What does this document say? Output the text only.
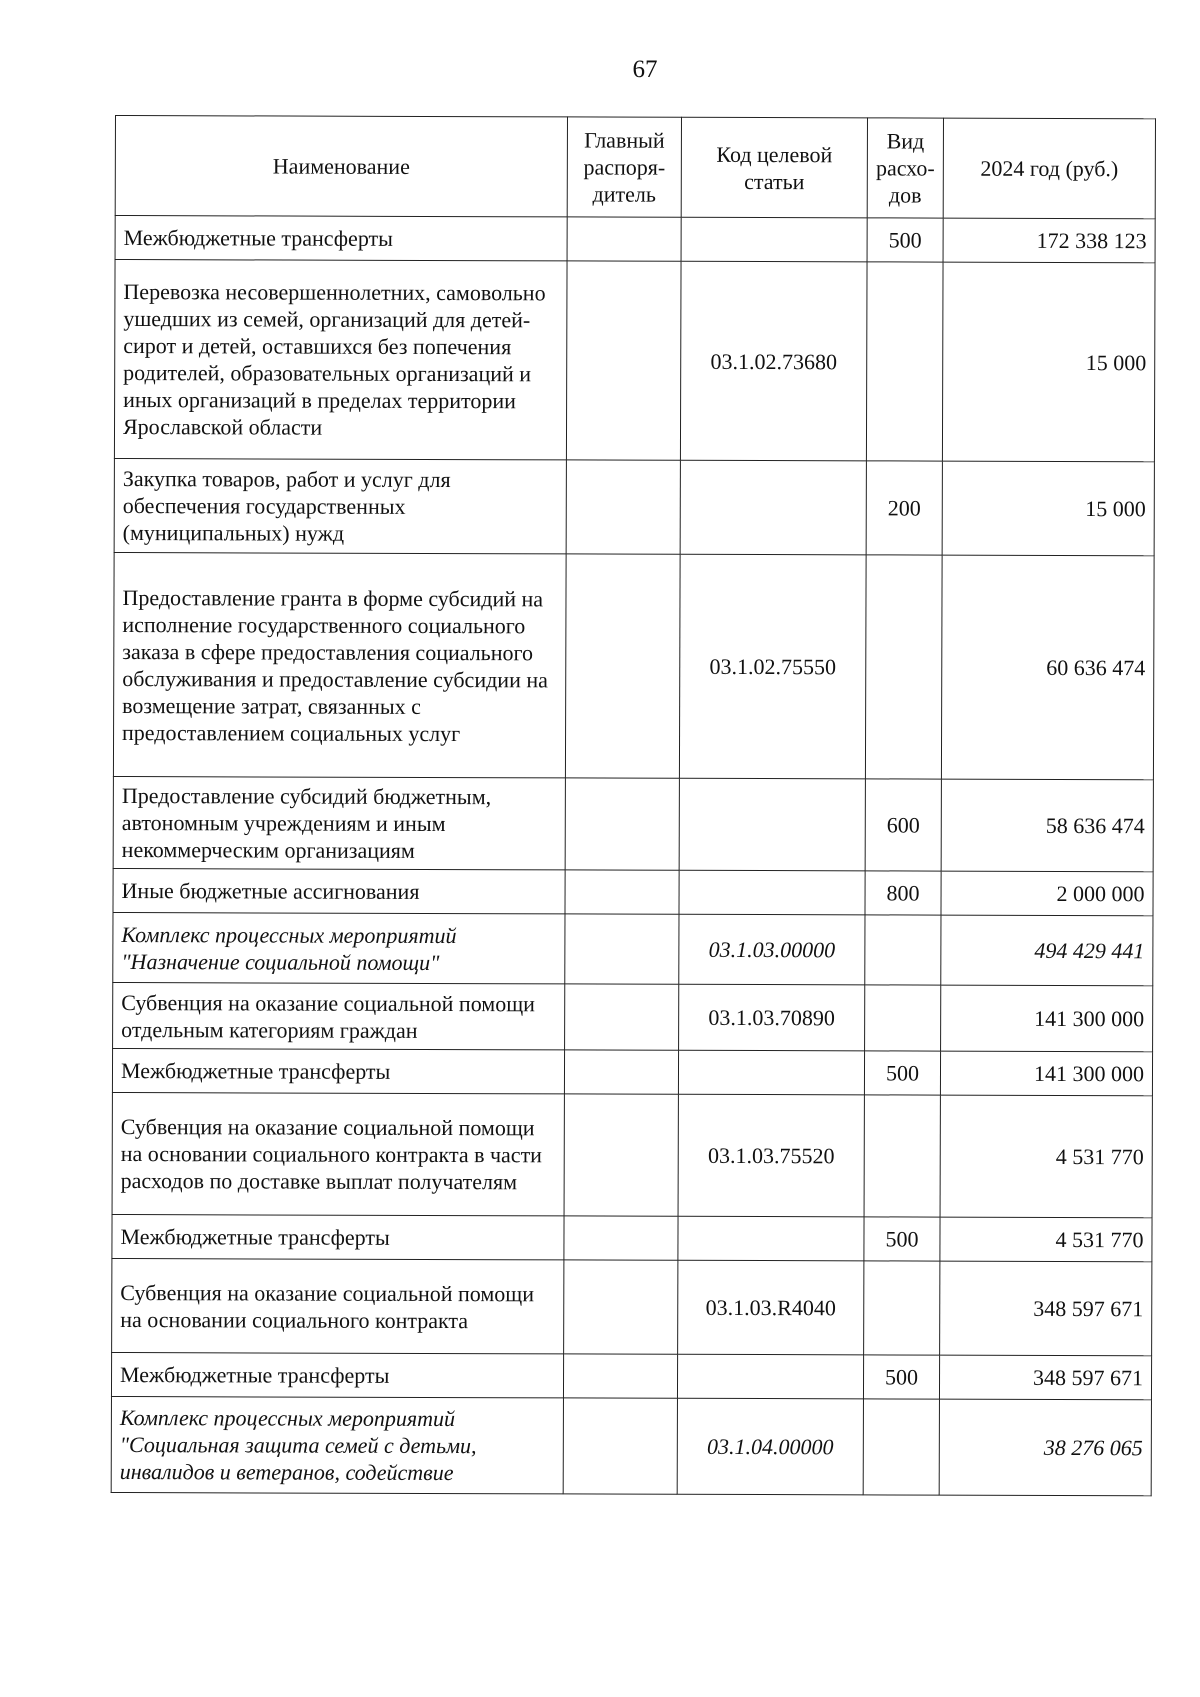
67
Наименование	Главный распоря- дитель	Код целевой статьи	Вид расхо- дов	2024 год (руб.)
Межбюджетные трансферты			500	172 338 123
Перевозка несовершеннолетних, самовольно ушедших из семей, организаций для детей-сирот и детей, оставшихся без попечения родителей, образовательных организаций и иных организаций в пределах территории Ярославской области		03.1.02.73680		15 000
Закупка товаров, работ и услуг для обеспечения государственных (муниципальных) нужд			200	15 000
Предоставление гранта в форме субсидий на исполнение государственного социального заказа в сфере предоставления социального обслуживания и предоставление субсидии на возмещение затрат, связанных с предоставлением социальных услуг		03.1.02.75550		60 636 474
Предоставление субсидий бюджетным, автономным учреждениям и иным некоммерческим организациям			600	58 636 474
Иные бюджетные ассигнования			800	2 000 000
Комплекс процессных мероприятий "Назначение социальной помощи"		03.1.03.00000		494 429 441
Субвенция на оказание социальной помощи отдельным категориям граждан		03.1.03.70890		141 300 000
Межбюджетные трансферты			500	141 300 000
Субвенция на оказание социальной помощи на основании социального контракта в части расходов по доставке выплат получателям		03.1.03.75520		4 531 770
Межбюджетные трансферты			500	4 531 770
Субвенция на оказание социальной помощи на основании социального контракта		03.1.03.R4040		348 597 671
Межбюджетные трансферты			500	348 597 671
Комплекс процессных мероприятий "Социальная защита семей с детьми, инвалидов и ветеранов, содействие		03.1.04.00000		38 276 065
